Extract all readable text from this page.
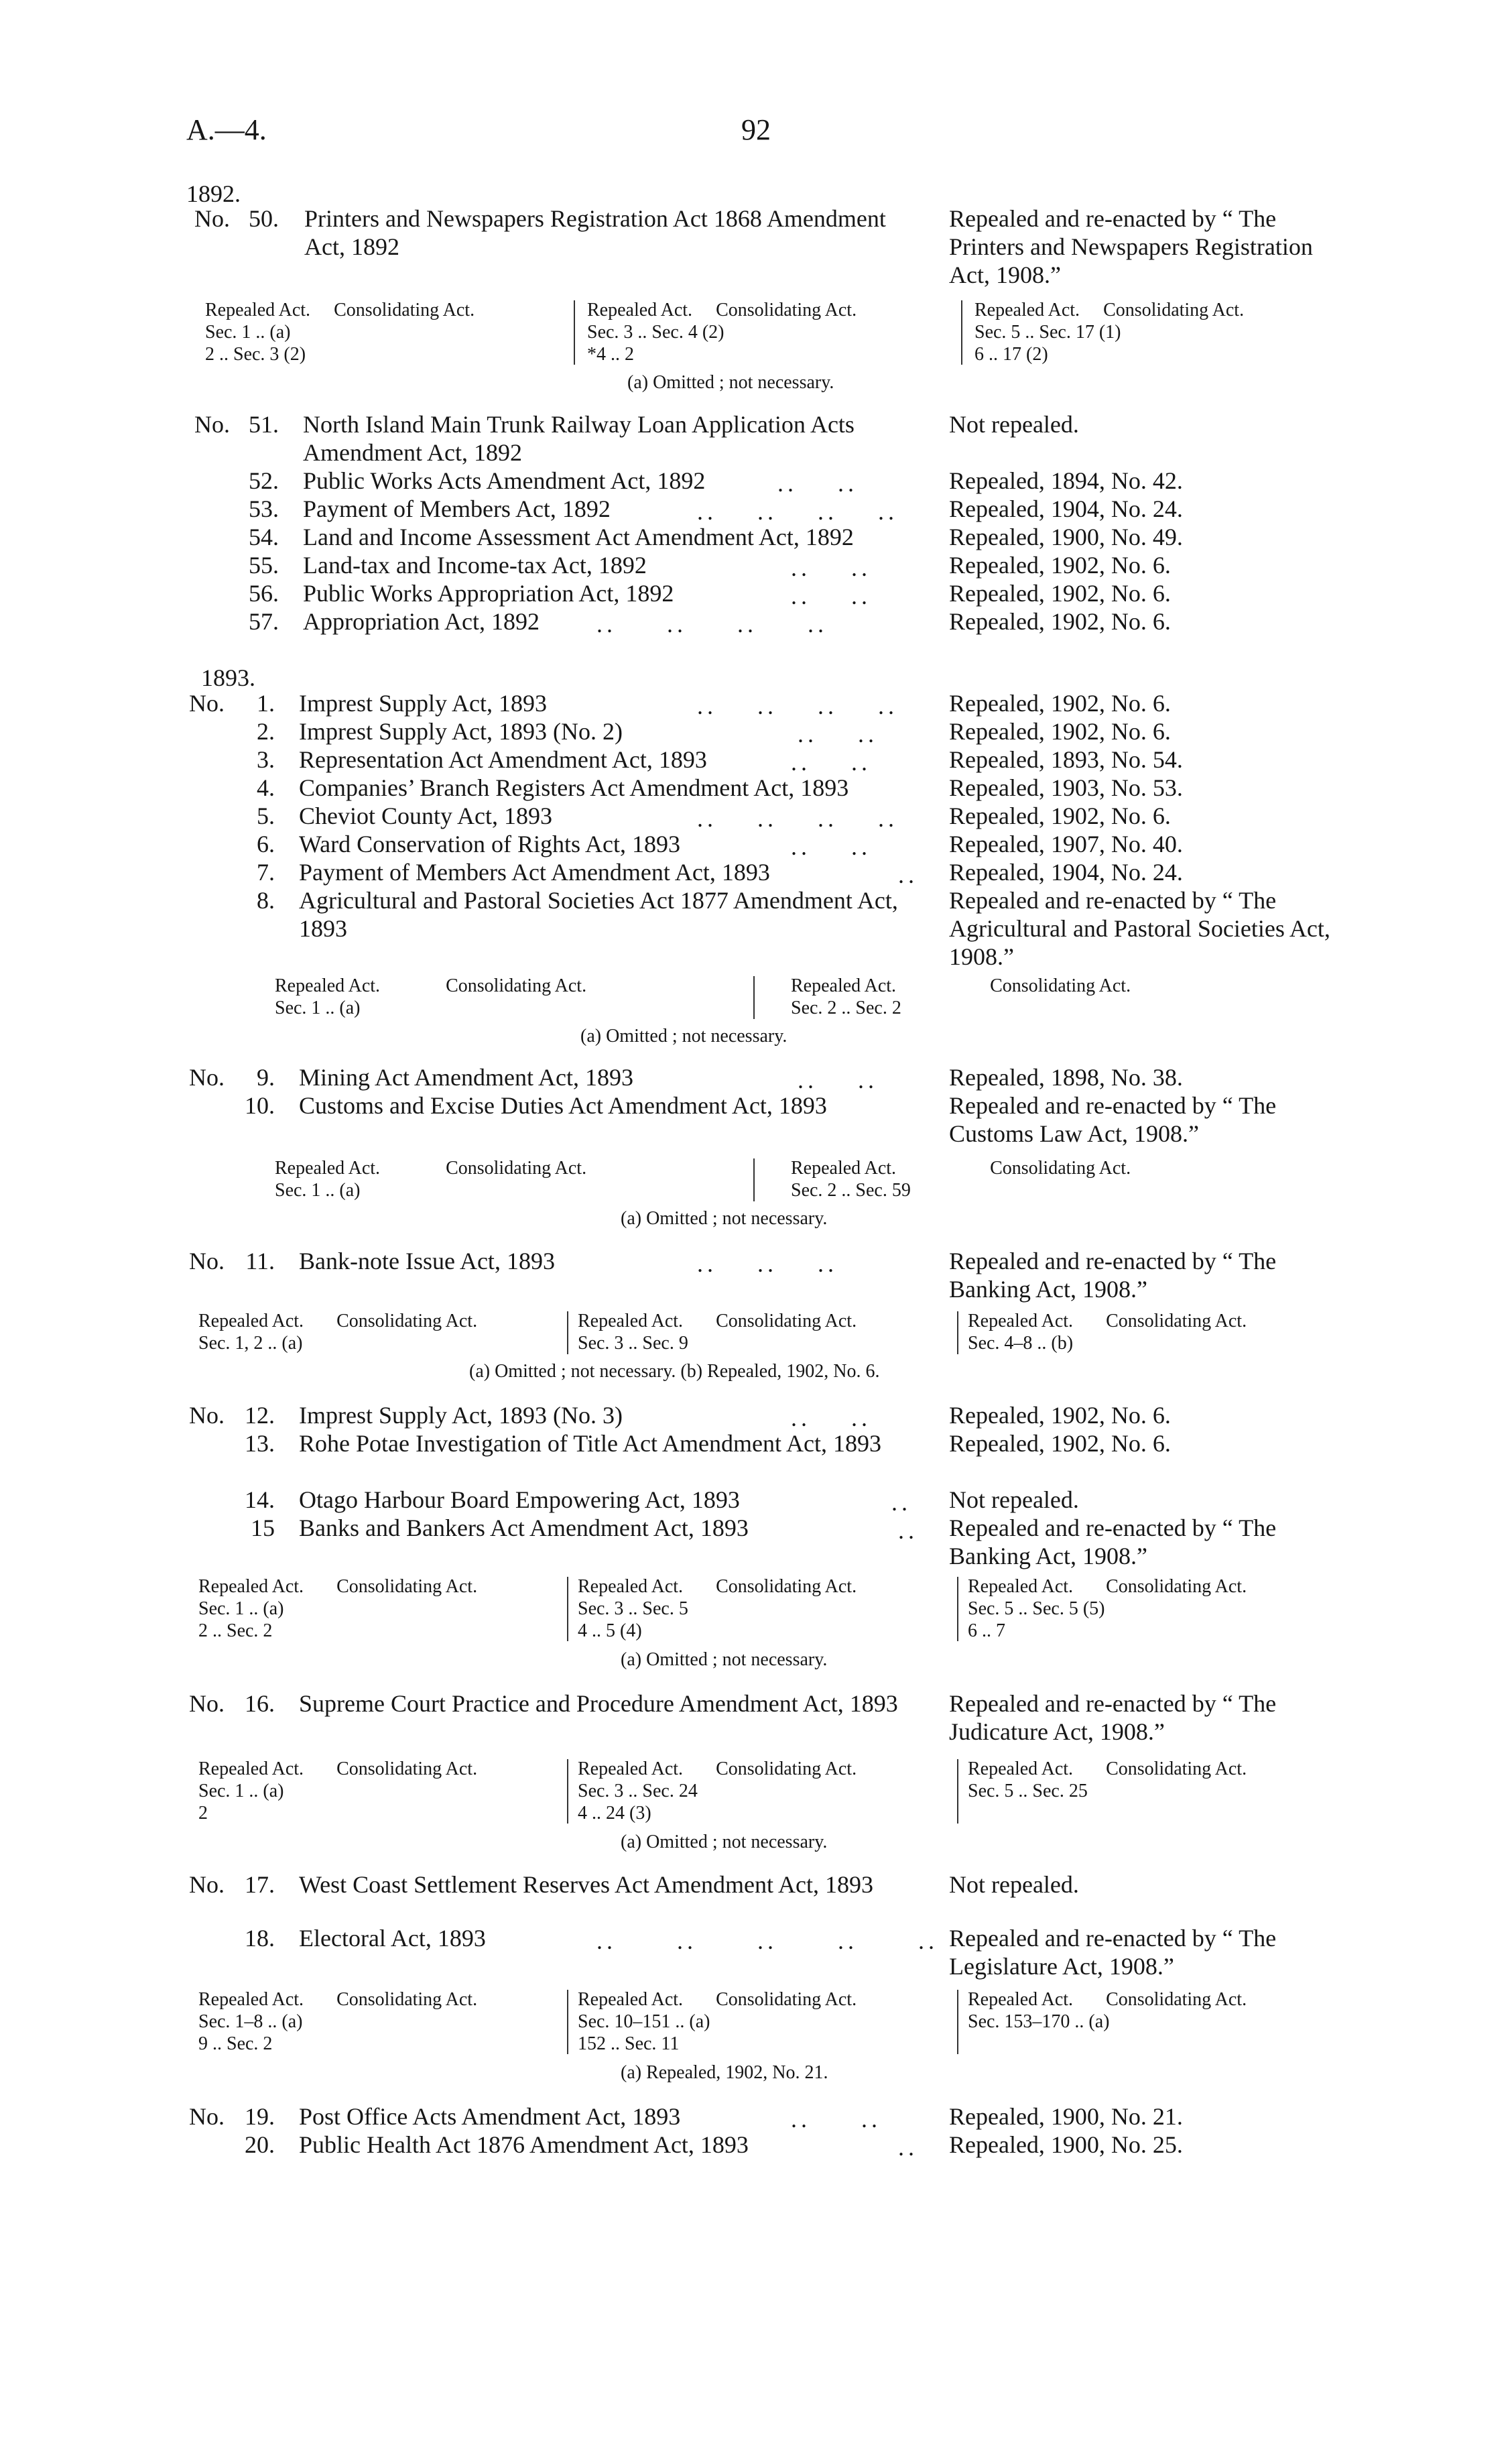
A.—4.	92
1892.
No. 50. Printers and Newspapers Registration Act 1868 Amendment Act, 1892
Repealed and re-enacted by “ The Printers and Newspapers Registration Act, 1908.”
Repealed Act. Consolidating Act.
Sec. 1 .. (a)
2 .. Sec. 3 (2)
Repealed Act. Consolidating Act.
Sec. 3 .. Sec. 4 (2)
*4 .. 2
Repealed Act. Consolidating Act.
Sec. 5 .. Sec. 17 (1)
6 .. 17 (2)
(a) Omitted ; not necessary.
No. 51. North Island Main Trunk Railway Loan Application Acts Amendment Act, 1892
Not repealed.
52. Public Works Acts Amendment Act, 1892	..    ..	Repealed, 1894, No. 42.
53. Payment of Members Act, 1892	..    ..    ..    .. Repealed, 1904, No. 24.
54. Land and Income Assessment Act Amendment Act, 1892	Repealed, 1900, No. 49.
55. Land-tax and Income-tax Act, 1892	..    ..	Repealed, 1902, No. 6.
56. Public Works Appropriation Act, 1892	..    ..	Repealed, 1902, No. 6.
57. Appropriation Act, 1892	..     ..     ..     ..	Repealed, 1902, No. 6.
1893.
No.	1. Imprest Supply Act, 1893	..    ..    ..    .. Repealed, 1902, No. 6.
2. Imprest Supply Act, 1893 (No. 2)	..    ..	Repealed, 1902, No. 6.
3. Representation Act Amendment Act, 1893	..    ..	Repealed, 1893, No. 54.
4. Companies’ Branch Registers Act Amendment Act, 1893	Repealed, 1903, No. 53.
5. Cheviot County Act, 1893	..    ..    ..    .. Repealed, 1902, No. 6.
6. Ward Conservation of Rights Act, 1893	..    ..	Repealed, 1907, No. 40.
7. Payment of Members Act Amendment Act, 1893	.. Repealed, 1904, No. 24.
8. Agricultural and Pastoral Societies Act 1877 Amendment Act, 1893
Repealed and re-enacted by “ The Agricultural and Pastoral Societies Act, 1908.”
Repealed Act.	Consolidating Act.
Sec. 1 .. (a)
Repealed Act.	Consolidating Act.
Sec. 2 .. Sec. 2
(a) Omitted ; not necessary.
No.	9. Mining Act Amendment Act, 1893	..    ..	Repealed, 1898, No. 38.
10. Customs and Excise Duties Act Amendment Act, 1893	Repealed and re-enacted by “ The Customs Law Act, 1908.”
Repealed Act.	Consolidating Act.
Sec. 1 .. (a)
Repealed Act.	Consolidating Act.
Sec. 2 .. Sec. 59
(a) Omitted ; not necessary.
No. 11. Bank-note Issue Act, 1893	..    ..    ..	Repealed and re-enacted by “ The Banking Act, 1908.”
Repealed Act. Consolidating Act.
Sec. 1, 2 .. (a)
Repealed Act. Consolidating Act.
Sec. 3 .. Sec. 9
Repealed Act. Consolidating Act.
Sec. 4–8 .. (b)
(a) Omitted ; not necessary. (b) Repealed, 1902, No. 6.
No. 12. Imprest Supply Act, 1893 (No. 3)	..    ..	Repealed, 1902, No. 6.
13. Rohe Potae Investigation of Title Act Amendment Act, 1893	Repealed, 1902, No. 6.
14. Otago Harbour Board Empowering Act, 1893	.. Not repealed.
15 Banks and Bankers Act Amendment Act, 1893	.. Repealed and re-enacted by “ The Banking Act, 1908.”
Repealed Act. Consolidating Act.
Sec. 1 .. (a)
2 .. Sec. 2
Repealed Act. Consolidating Act.
Sec. 3 .. Sec. 5
4 .. 5 (4)
Repealed Act. Consolidating Act.
Sec. 5 .. Sec. 5 (5)
6 .. 7
(a) Omitted ; not necessary.
No. 16. Supreme Court Practice and Procedure Amendment Act, 1893	Repealed and re-enacted by “ The Judicature Act, 1908.”
Repealed Act. Consolidating Act.
Sec. 1 .. (a)
2
Repealed Act. Consolidating Act.
Sec. 3 .. Sec. 24
4 .. 24 (3)
Repealed Act. Consolidating Act.
Sec. 5 .. Sec. 25
(a) Omitted ; not necessary.
No. 17. West Coast Settlement Reserves Act Amendment Act, 1893	Not repealed.
18. Electoral Act, 1893	..      ..      ..      ..      .. Repealed and re-enacted by “ The Legislature Act, 1908.”
Repealed Act. Consolidating Act.
Sec. 1–8 .. (a)
9 .. Sec. 2
Repealed Act. Consolidating Act.
Sec. 10–151 .. (a)
152 .. Sec. 11
Repealed Act. Consolidating Act.
Sec. 153–170 .. (a)
(a) Repealed, 1902, No. 21.
No. 19. Post Office Acts Amendment Act, 1893	..     ..	Repealed, 1900, No. 21.
20. Public Health Act 1876 Amendment Act, 1893	.. Repealed, 1900, No. 25.
